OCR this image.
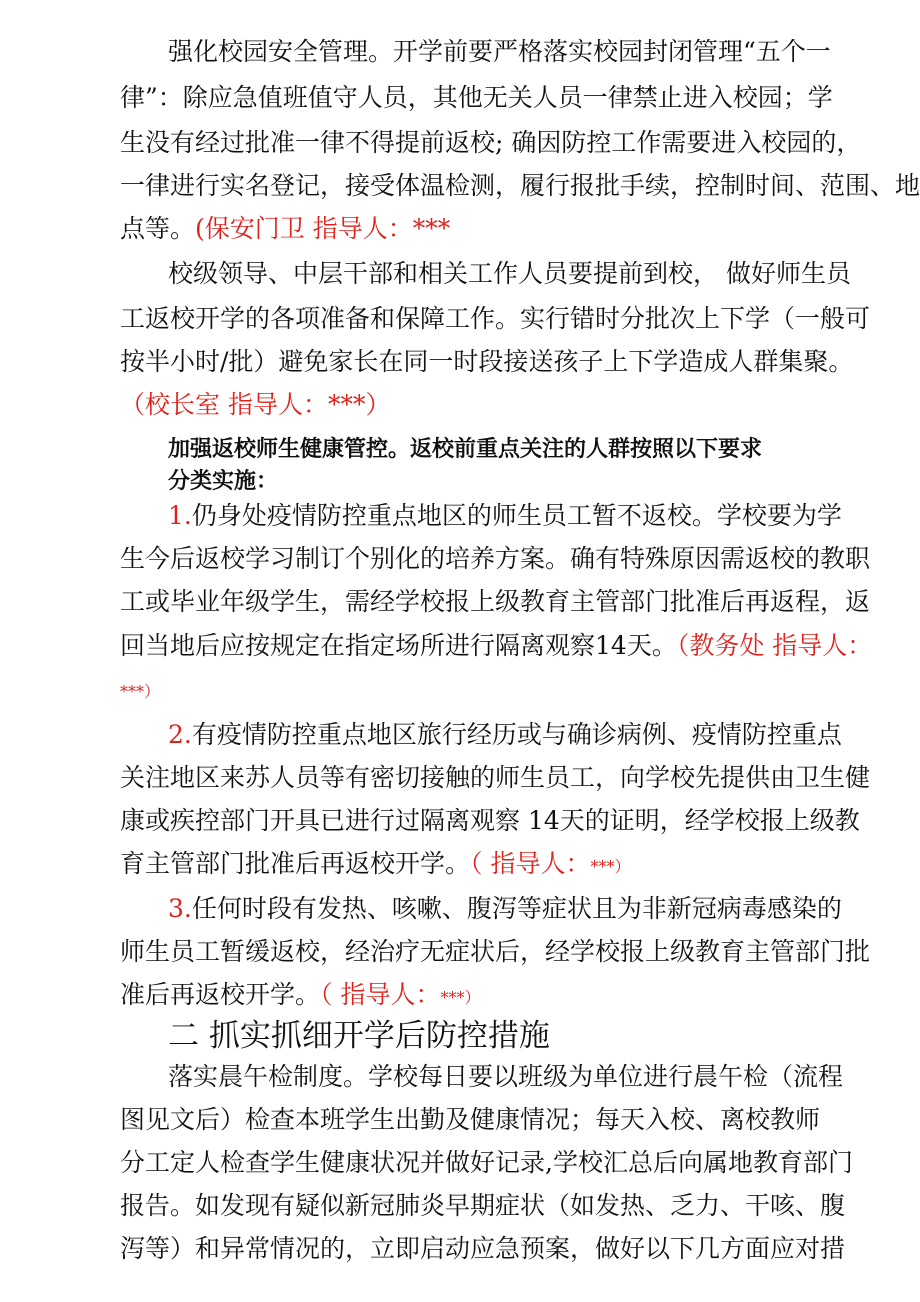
强化校园安全管理。开学前要严格落实校园封闭管理“五个一
律”：除应急值班值守人员，其他无关人员一律禁止进入校园；学
生没有经过批准一律不得提前返校; 确因防控工作需要进入校园的，
一律进行实名登记，接受体温检测，履行报批手续，控制时间、范围、地
点等。(保安门卫 指导人：***
校级领导、中层干部和相关工作人员要提前到校， 做好师生员
工返校开学的各项准备和保障工作。实行错时分批次上下学（一般可
按半小时/批）避免家长在同一时段接送孩子上下学造成人群集聚。
（校长室 指导人：***）
加强返校师生健康管控。返校前重点关注的人群按照以下要求
分类实施：
1.仍身处疫情防控重点地区的师生员工暂不返校。学校要为学
生今后返校学习制订个别化的培养方案。确有特殊原因需返校的教职
工或毕业年级学生，需经学校报上级教育主管部门批准后再返程，返
回当地后应按规定在指定场所进行隔离观察14天。（教务处 指导人：
***）
2.有疫情防控重点地区旅行经历或与确诊病例、疫情防控重点
关注地区来苏人员等有密切接触的师生员工，向学校先提供由卫生健
康或疾控部门开具已进行过隔离观察 14天的证明，经学校报上级教
育主管部门批准后再返校开学。（ 指导人：***）
3.任何时段有发热、咳嗽、腹泻等症状且为非新冠病毒感染的
师生员工暂缓返校，经治疗无症状后，经学校报上级教育主管部门批
准后再返校开学。（ 指导人：***）
二 抓实抓细开学后防控措施
落实晨午检制度。学校每日要以班级为单位进行晨午检（流程
图见文后）检查本班学生出勤及健康情况；每天入校、离校教师
分工定人检查学生健康状况并做好记录,学校汇总后向属地教育部门
报告。如发现有疑似新冠肺炎早期症状（如发热、乏力、干咳、腹
泻等）和异常情况的，立即启动应急预案，做好以下几方面应对措
